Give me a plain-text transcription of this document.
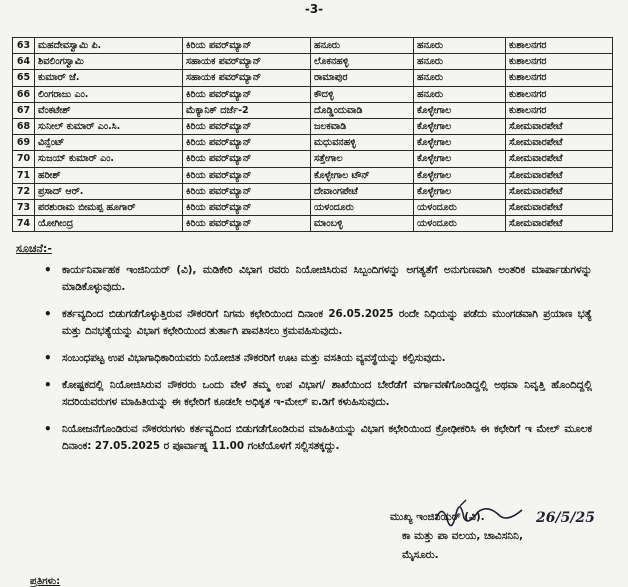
-3-
63	ಮಹದೇವಸ್ವಾಮಿ ಪಿ.	ಕಿರಿಯ ಪವರ್‌ಮ್ಯಾನ್	ಹನೂರು	ಹನೂರು	ಕುಶಾಲನಗರ
64	ಶಿವಲಿಂಗಸ್ವಾಮಿ	ಸಹಾಯಕ ಪವರ್‌ಮ್ಯಾನ್	ಲೊಕನಹಳ್ಳಿ	ಹನೂರು	ಕುಶಾಲನಗರ
65	ಕುಮಾರ್ ಜೆ.	ಸಹಾಯಕ ಪವರ್‌ಮ್ಯಾನ್	ರಾಮಾಪುರ	ಹನೂರು	ಕುಶಾಲನಗರ
66	ಲಿಂಗರಾಜು ಎಂ.	ಕಿರಿಯ ಪವರ್‌ಮ್ಯಾನ್	ಕೌದಳ್ಳಿ	ಹನೂರು	ಕುಶಾಲನಗರ
67	ವೆಂಕಟೇಶ್	ಮೆಕ್ಯಾನಿಕ್ ದರ್ಜೆ-2	ದೊಡ್ಡಿಂದುವಾಡಿ	ಕೊಳ್ಳೇಗಾಲ	ಕುಶಾಲನಗರ
68	ಸುನೀಲ್ ಕುಮಾರ್ ಎಂ.ಸಿ.	ಕಿರಿಯ ಪವರ್‌ಮ್ಯಾನ್	ಜಲಕವಾಡಿ	ಕೊಳ್ಳೇಗಾಲ	ಸೋಮವಾರಪೇಟೆ
69	ವಿನ್ಸೆಂಟ್	ಕಿರಿಯ ಪವರ್‌ಮ್ಯಾನ್	ಮಧುವನಹಳ್ಳಿ	ಕೊಳ್ಳೇಗಾಲ	ಸೋಮವಾರಪೇಟೆ
70	ಸುಜಯ್ ಕುಮಾರ್ ಎಂ.	ಕಿರಿಯ ಪವರ್‌ಮ್ಯಾನ್	ಸತ್ತೇಗಾಲ	ಕೊಳ್ಳೇಗಾಲ	ಸೋಮವಾರಪೇಟೆ
71	ಹರೀಶ್	ಕಿರಿಯ ಪವರ್‌ಮ್ಯಾನ್	ಕೊಳ್ಳೇಗಾಲ ಟೌನ್	ಕೊಳ್ಳೇಗಾಲ	ಸೋಮವಾರಪೇಟೆ
72	ಪ್ರಸಾದ್ ಆರ್.	ಕಿರಿಯ ಪವರ್‌ಮ್ಯಾನ್	ದೇವಾಂಗಪೇಟೆ	ಕೊಳ್ಳೇಗಾಲ	ಸೋಮವಾರಪೇಟೆ
73	ಪರಶುರಾಮ ಬೀಮಪ್ಪ ಹೂಗಾರ್	ಕಿರಿಯ ಪವರ್‌ಮ್ಯಾನ್	ಯಳಂದೂರು	ಯಳಂದೂರು	ಸೋಮವಾರಪೇಟೆ
74	ಯೋಗೀಂದ್ರ	ಕಿರಿಯ ಪವರ್‌ಮ್ಯಾನ್	ಮಾಂಬಳ್ಳಿ	ಯಳಂದೂರು	ಸೋಮವಾರಪೇಟೆ
ಸೂಚನೆ:-
• ಕಾರ್ಯನಿರ್ವಾಹಕ ಇಂಜಿನಿಯರ್ (ವಿ), ಮಡಿಕೇರಿ ವಿಭಾಗ ರವರು ನಿಯೋಜಿಸಿರುವ ಸಿಬ್ಬಂದಿಗಳನ್ನು ಅಗತ್ಯತೆಗೆ ಅನುಗುಣವಾಗಿ ಅಂತರಿಕ ಮಾರ್ಪಾಡುಗಳನ್ನು ಮಾಡಿಕೊಳ್ಳುವುದು.
• ಕರ್ತವ್ಯದಿಂದ ಬಿಡುಗಡೆಗೊಳ್ಳುತ್ತಿರುವ ನೌಕರರಿಗೆ ನಿಗಮ ಕಛೇರಿಯಿಂದ ದಿನಾಂಕ 26.05.2025 ರಂದೇ ನಿಧಿಯನ್ನು ಪಡೆದು ಮುಂಗಡವಾಗಿ ಪ್ರಯಾಣ ಭತ್ಯೆ ಮತ್ತು ದಿನಭತ್ಯೆಯನ್ನು ವಿಭಾಗ ಕಛೇರಿಯಿಂದ ತುರ್ತಾಗಿ ಪಾವತಿಸಲು ಕ್ರಮವಹಿಸುವುದು.
• ಸಂಬಂಧಪಟ್ಟ ಉಪ ವಿಭಾಗಾಧಿಕಾರಿಯವರು ನಿಯೋಜಿತ ನೌಕರರಿಗೆ ಊಟ ಮತ್ತು ವಸತಿಯ ವ್ಯವಸ್ಥೆಯನ್ನು ಕಲ್ಪಿಸುವುದು.
• ಕೋಷ್ಟಕದಲ್ಲಿ ನಿಯೋಜಿಸಿರುವ ನೌಕರರು ಒಂದು ವೇಳೆ ತಮ್ಮ ಉಪ ವಿಭಾಗ/ ಶಾಖೆಯಿಂದ ಬೇರೆಡೆಗೆ ವರ್ಗಾವಣೆಗೊಂಡಿದ್ದಲ್ಲಿ ಅಥವಾ ನಿವೃತ್ತಿ ಹೊಂದಿದ್ದಲ್ಲಿ ಸದರಿಯವರುಗಳ ಮಾಹಿತಿಯನ್ನು ಈ ಕಛೇರಿಗೆ ಕೂಡಲೇ ಅಧಿಕೃತ ಇ-ಮೇಲ್ ಐ.ಡಿಗೆ ಕಳುಹಿಸುವುದು.
• ನಿಯೋಜನೆಗೊಂಡಿರುವ ನೌಕರರುಗಳು ಕರ್ತವ್ಯದಿಂದ ಬಿಡುಗಡೆಗೊಂಡಿರುವ ಮಾಹಿತಿಯನ್ನು ವಿಭಾಗ ಕಛೇರಿಯಿಂದ ಕ್ರೋಢೀಕರಿಸಿ ಈ ಕಛೇರಿಗೆ ಇ ಮೇಲ್ ಮೂಲಕ ದಿನಾಂಕ: 27.05.2025 ರ ಪೂರ್ವಾಹ್ನ 11.00 ಗಂಟೆಯೊಳಗೆ ಸಲ್ಲಿಸತಕ್ಕದ್ದು.
26/5/25
ಮುಖ್ಯ ಇಂಜಿನಿಯರ್ (ವಿ).
ಕಾ ಮತ್ತು ಪಾ ವಲಯ, ಚಾವಿಸನಿನಿ,
ಮೈಸೂರು.
ಪ್ರತಿಗಳು:
